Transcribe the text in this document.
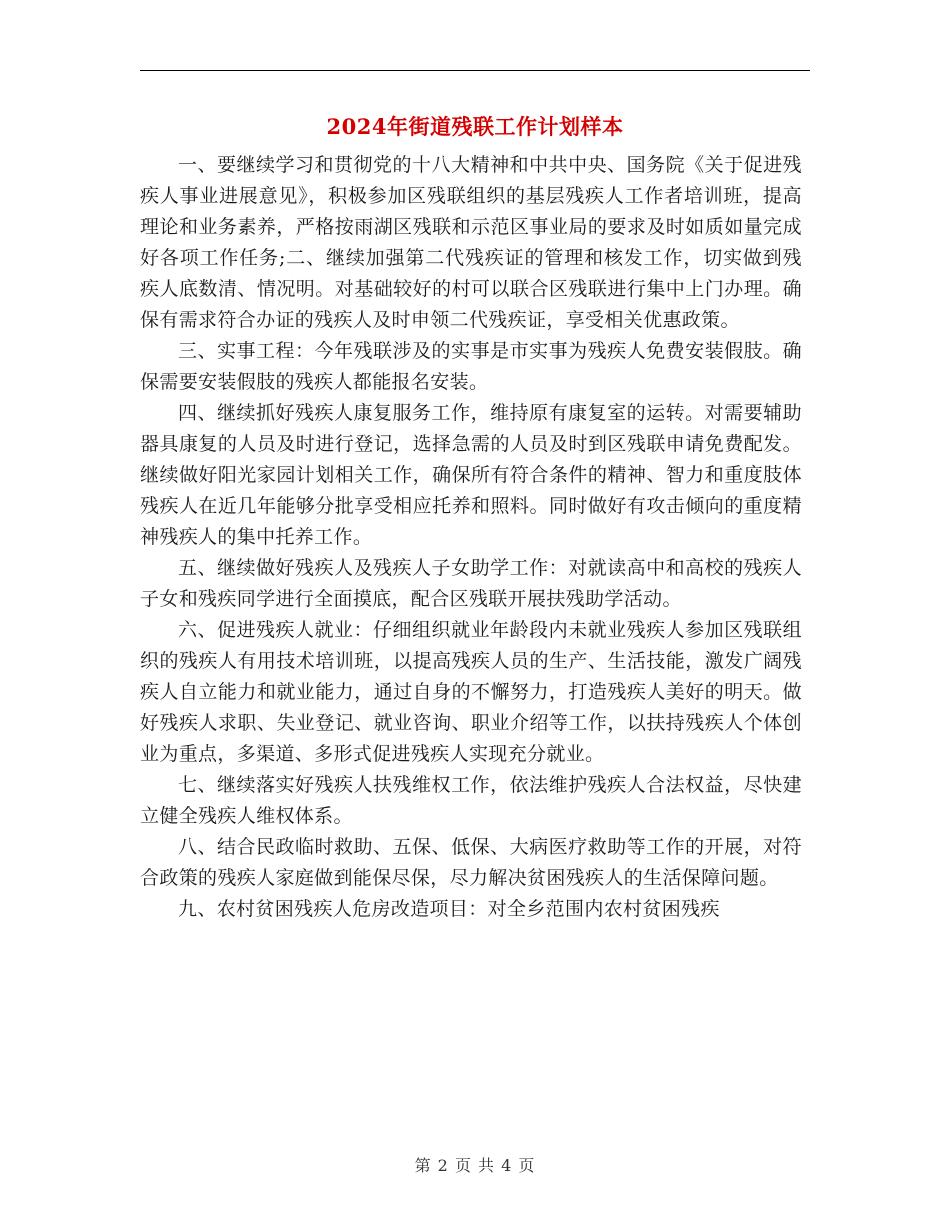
2024年街道残联工作计划样本

一、要继续学习和贯彻党的十八大精神和中共中央、国务院《关于促进残疾人事业进展意见》，积极参加区残联组织的基层残疾人工作者培训班，提高理论和业务素养，严格按雨湖区残联和示范区事业局的要求及时如质如量完成好各项工作任务;二、继续加强第二代残疾证的管理和核发工作，切实做到残疾人底数清、情况明。对基础较好的村可以联合区残联进行集中上门办理。确保有需求符合办证的残疾人及时申领二代残疾证，享受相关优惠政策。

三、实事工程：今年残联涉及的实事是市实事为残疾人免费安装假肢。确保需要安装假肢的残疾人都能报名安装。

四、继续抓好残疾人康复服务工作，维持原有康复室的运转。对需要辅助器具康复的人员及时进行登记，选择急需的人员及时到区残联申请免费配发。继续做好阳光家园计划相关工作，确保所有符合条件的精神、智力和重度肢体残疾人在近几年能够分批享受相应托养和照料。同时做好有攻击倾向的重度精神残疾人的集中托养工作。

五、继续做好残疾人及残疾人子女助学工作：对就读高中和高校的残疾人子女和残疾同学进行全面摸底，配合区残联开展扶残助学活动。

六、促进残疾人就业：仔细组织就业年龄段内未就业残疾人参加区残联组织的残疾人有用技术培训班，以提高残疾人员的生产、生活技能，激发广阔残疾人自立能力和就业能力，通过自身的不懈努力，打造残疾人美好的明天。做好残疾人求职、失业登记、就业咨询、职业介绍等工作，以扶持残疾人个体创业为重点，多渠道、多形式促进残疾人实现充分就业。

七、继续落实好残疾人扶残维权工作，依法维护残疾人合法权益，尽快建立健全残疾人维权体系。

八、结合民政临时救助、五保、低保、大病医疗救助等工作的开展，对符合政策的残疾人家庭做到能保尽保，尽力解决贫困残疾人的生活保障问题。

九、农村贫困残疾人危房改造项目：对全乡范围内农村贫困残疾

第 2 页 共 4 页
